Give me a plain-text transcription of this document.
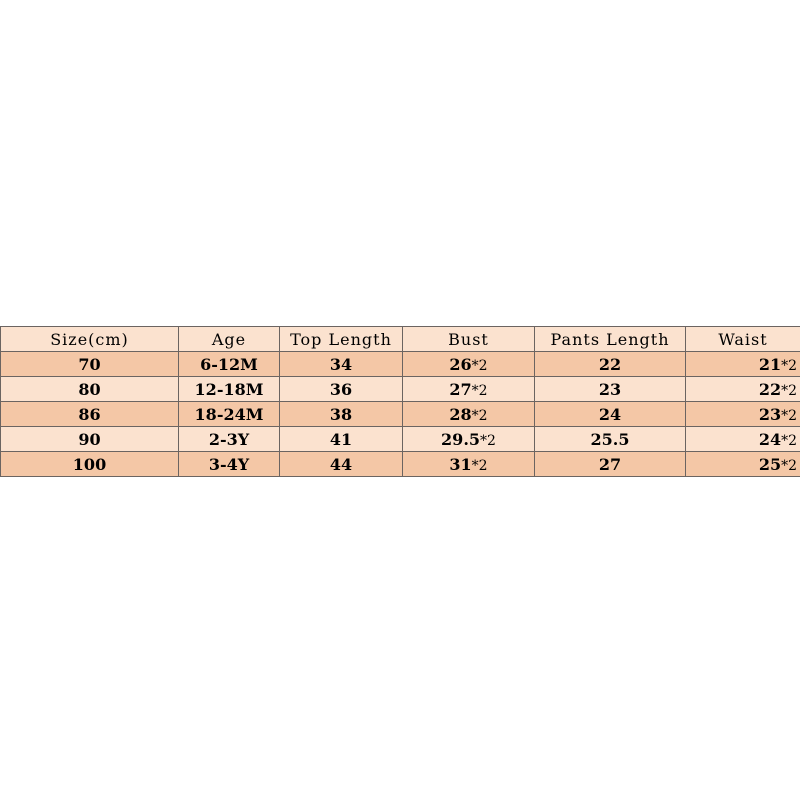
Size(cm)	Age	Top Length	Bust	Pants Length	Waist
70	6-12M	34	26*2	22	21*2
80	12-18M	36	27*2	23	22*2
86	18-24M	38	28*2	24	23*2
90	2-3Y	41	29.5*2	25.5	24*2
100	3-4Y	44	31*2	27	25*2
